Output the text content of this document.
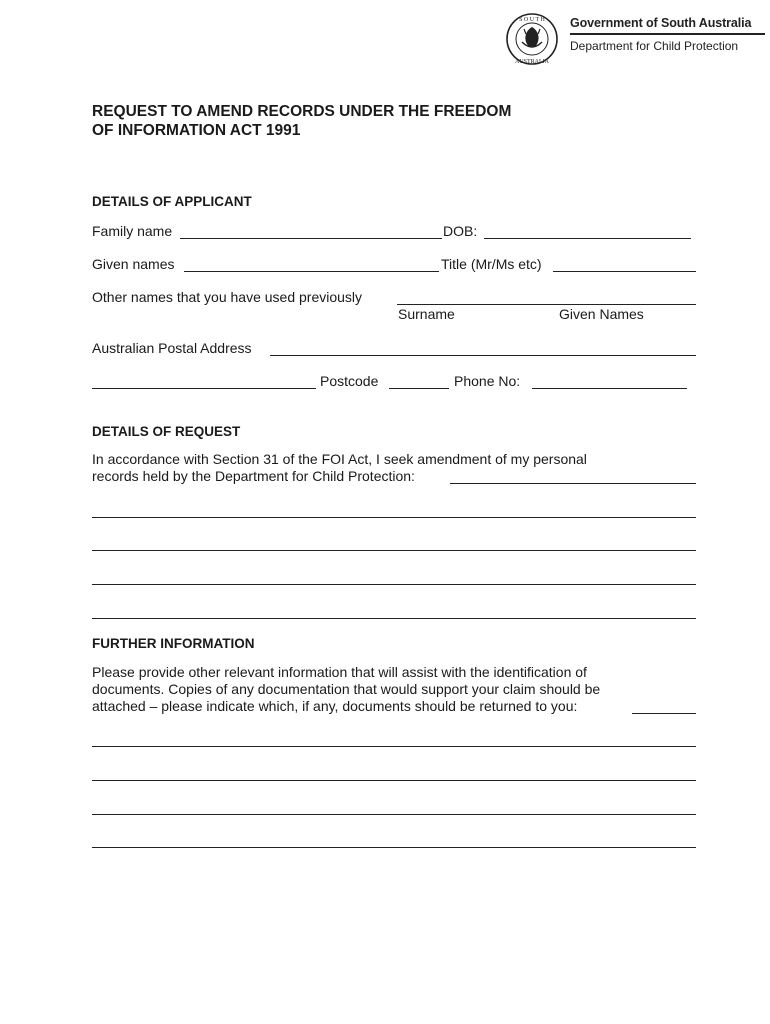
S O U T H
AUSTRALIA
Government of South Australia
Department for Child Protection
REQUEST TO AMEND RECORDS UNDER THE FREEDOM
OF INFORMATION ACT 1991
DETAILS OF APPLICANT
Family name	DOB:
Given names	Title (Mr/Ms etc)
Other names that you have used previously
Surname	Given Names
Australian Postal Address
Postcode	Phone No:
DETAILS OF REQUEST
In accordance with Section 31 of the FOI Act, I seek amendment of my personal
records held by the Department for Child Protection:
FURTHER INFORMATION
Please provide other relevant information that will assist with the identification of
documents. Copies of any documentation that would support your claim should be
attached – please indicate which, if any, documents should be returned to you:
